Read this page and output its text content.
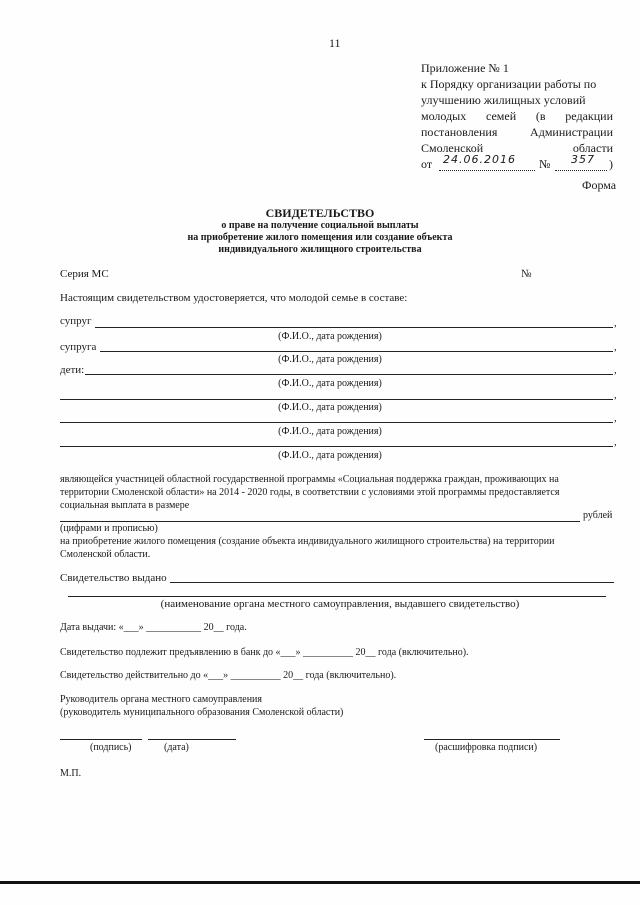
11
Приложение № 1
к Порядку организации работы по
улучшению жилищных условий
молодых семей (в редакции
постановления Администрации
Смоленской области
от 24.06.2016 № 357 )
Форма
СВИДЕТЕЛЬСТВО
о праве на получение социальной выплаты
на приобретение жилого помещения или создание объекта
индивидуального жилищного строительства
Серия МС	№
Настоящим свидетельством удостоверяется, что молодой семье в составе:
супруг	,
(Ф.И.О., дата рождения)
супруга	,
(Ф.И.О., дата рождения)
дети:	,
(Ф.И.О., дата рождения)
,
(Ф.И.О., дата рождения)
,
(Ф.И.О., дата рождения)
,
(Ф.И.О., дата рождения)
являющейся участницей областной государственной программы «Социальная поддержка граждан, проживающих на
территории Смоленской области» на 2014 - 2020 годы, в соответствии с условиями этой программы предоставляется
социальная выплата в размере
рублей
(цифрами и прописью)
на приобретение жилого помещения (создание объекта индивидуального жилищного строительства) на территории
Смоленской области.
Свидетельство выдано
(наименование органа местного самоуправления, выдавшего свидетельство)
Дата выдачи: «___» ___________ 20__ года.
Свидетельство подлежит предъявлению в банк до «___» __________ 20__ года (включительно).
Свидетельство действительно до «___» __________ 20__ года (включительно).
Руководитель органа местного самоуправления
(руководитель муниципального образования Смоленской области)
(подпись)	(дата)	(расшифровка подписи)
М.П.
